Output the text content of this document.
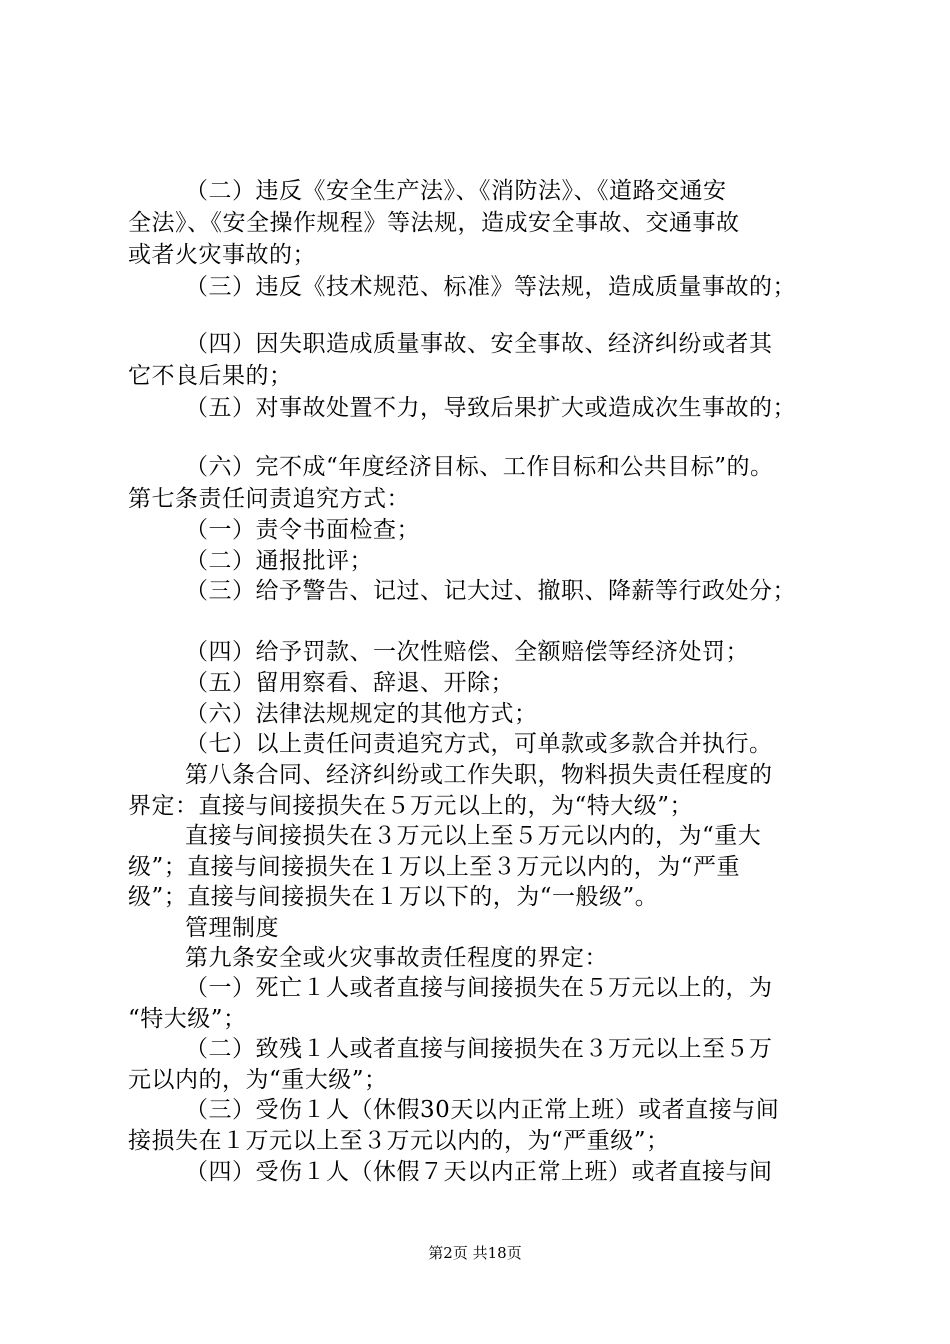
（二）违反《安全生产法》、《消防法》、《道路交通安
全法》、《安全操作规程》等法规，造成安全事故、交通事故
或者火灾事故的；
（三）违反《技术规范、标准》等法规，造成质量事故的；
（四）因失职造成质量事故、安全事故、经济纠纷或者其
它不良后果的；
（五）对事故处置不力，导致后果扩大或造成次生事故的；
（六）完不成“年度经济目标、工作目标和公共目标”的。
第七条责任问责追究方式：
（一）责令书面检查；
（二）通报批评；
（三）给予警告、记过、记大过、撤职、降薪等行政处分；
（四）给予罚款、一次性赔偿、全额赔偿等经济处罚；
（五）留用察看、辞退、开除；
（六）法律法规规定的其他方式；
（七）以上责任问责追究方式，可单款或多款合并执行。
第八条合同、经济纠纷或工作失职，物料损失责任程度的
界定：直接与间接损失在５万元以上的，为“特大级”；
直接与间接损失在３万元以上至５万元以内的，为“重大
级”；直接与间接损失在１万以上至３万元以内的，为“严重
级”；直接与间接损失在１万以下的，为“一般级”。
管理制度
第九条安全或火灾事故责任程度的界定：
（一）死亡１人或者直接与间接损失在５万元以上的，为
“特大级”；
（二）致残１人或者直接与间接损失在３万元以上至５万
元以内的，为“重大级”；
（三）受伤１人（休假30天以内正常上班）或者直接与间
接损失在１万元以上至３万元以内的，为“严重级”；
（四）受伤１人（休假７天以内正常上班）或者直接与间
第2页 共18页
